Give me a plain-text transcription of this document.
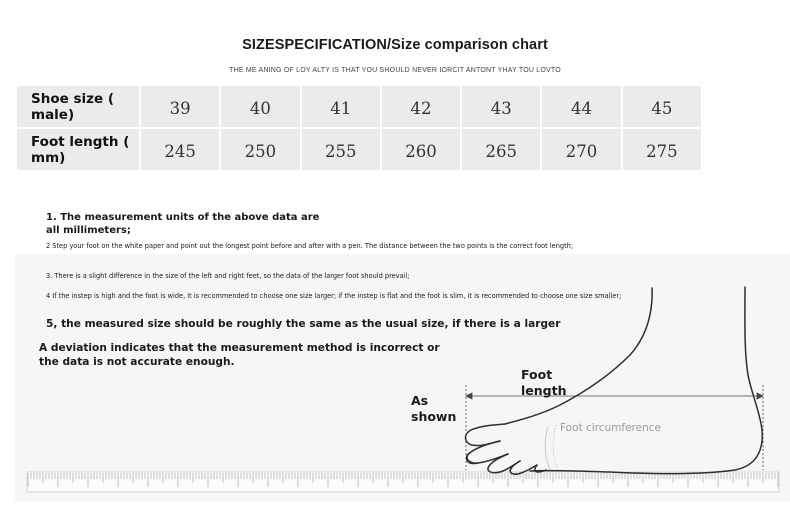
SIZESPECIFICATION/Size comparison chart
THE ME ANING OF LOY ALTY IS THAT YOU SHOULD NEVER IORCIT ANTONT YHAY TOU LOVTO
Shoe size ( male)	39	40	41	42	43	44	45
Foot length ( mm)	245	250	255	260	265	270	275
1. The measurement units of the above data are all millimeters;
2 Step your foot on the white paper and point out the longest point before and after with a pen. The distance between the two points is the correct foot length;
3. There is a slight difference in the size of the left and right feet, so the data of the larger foot should prevail;
4 If the instep is high and the foot is wide, it is recommended to choose one size larger; if the instep is flat and the foot is slim, it is recommended to choose one size smaller;
5, the measured size should be roughly the same as the usual size, if there is a larger
A deviation indicates that the measurement method is incorrect or the data is not accurate enough.
Foot length
As shown
Foot circumference
